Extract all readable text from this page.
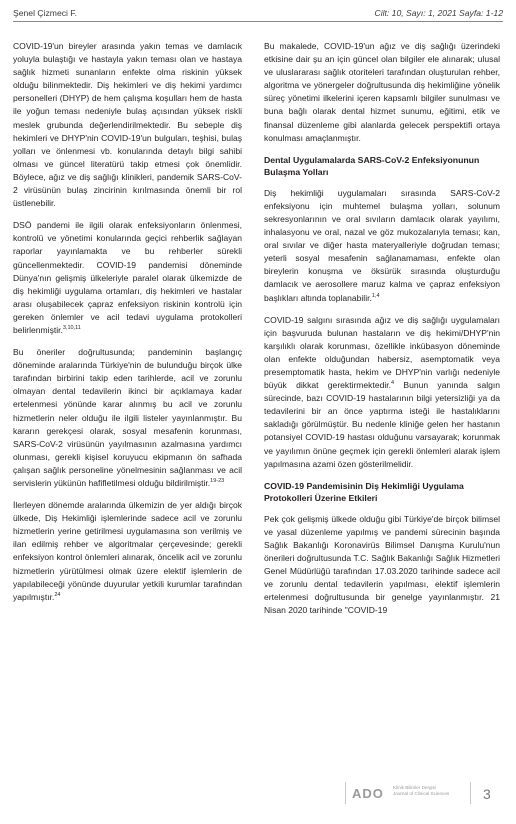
Şenel Çizmeci F.	Cilt: 10, Sayı: 1, 2021 Sayfa: 1-12

COVID-19'un bireyler arasında yakın temas ve damlacık yoluyla bulaştığı ve hastayla yakın teması olan ve hastaya sağlık hizmeti sunanların enfekte olma riskinin yüksek olduğu bilinmektedir. Diş hekimleri ve diş hekimi yardımcı personelleri (DHYP) de hem çalışma koşulları hem de hasta ile yoğun teması nedeniyle bulaş açısından yüksek riskli meslek grubunda değerlendirilmektedir. Bu sebeple diş hekimleri ve DHYP'nin COVID-19'un bulguları, teşhisi, bulaş yolları ve önlenmesi vb. konularında detaylı bilgi sahibi olması ve güncel literatürü takip etmesi çok önemlidir. Böylece, ağız ve diş sağlığı klinikleri, pandemik SARS-CoV-2 virüsünün bulaş zincirinin kırılmasında önemli bir rol üstlenebilir.

DSÖ pandemi ile ilgili olarak enfeksiyonların önlenmesi, kontrolü ve yönetimi konularında geçici rehberlik sağlayan raporlar yayınlamakta ve bu rehberler sürekli güncellenmektedir. COVID-19 pandemisi döneminde Dünya'nın gelişmiş ülkeleriyle paralel olarak ülkemizde de diş hekimliği uygulama ortamları, diş hekimleri ve hastalar arası oluşabilecek çapraz enfeksiyon riskinin kontrolü için gereken önlemler ve acil tedavi uygulama protokolleri belirlenmiştir.$^{3,10,11}$

Bu öneriler doğrultusunda; pandeminin başlangıç döneminde aralarında Türkiye'nin de bulunduğu birçok ülke tarafından birbirini takip eden tarihlerde, acil ve zorunlu olmayan dental tedavilerin ikinci bir açıklamaya kadar ertelenmesi yönünde karar alınmış bu acil ve zorunlu hizmetlerin neler olduğu ile ilgili listeler yayınlanmıştır. Bu kararın gerekçesi olarak, sosyal mesafenin korunması, SARS-CoV-2 virüsünün yayılmasının azalmasına yardımcı olunması, gerekli kişisel koruyucu ekipmanın ön safhada çalışan sağlık personeline yönelmesinin sağlanması ve acil servislerin yükünün hafifletilmesi olduğu bildirilmiştir.$^{19-23}$

İlerleyen dönemde aralarında ülkemizin de yer aldığı birçok ülkede, Diş Hekimliği işlemlerinde sadece acil ve zorunlu hizmetlerin yerine getirilmesi uygulamasına son verilmiş ve ilan edilmiş rehber ve algoritmalar çerçevesinde; gerekli enfeksiyon kontrol önlemleri alınarak, öncelik acil ve zorunlu hizmetlerin yürütülmesi olmak üzere elektif işlemlerin de yapılabileceği yönünde duyurular yetkili kurumlar tarafından yapılmıştır.$^{24}$

Bu makalede, COVID-19'un ağız ve diş sağlığı üzerindeki etkisine dair şu an için güncel olan bilgiler ele alınarak; ulusal ve uluslararası sağlık otoriteleri tarafından oluşturulan rehber, algoritma ve yönergeler doğrultusunda diş hekimliğine yönelik süreç yönetimi ilkelerini içeren kapsamlı bilgiler sunulması ve buna bağlı olarak dental hizmet sunumu, eğitimi, etik ve finansal düzenleme gibi alanlarda gelecek perspektifi ortaya konulması amaçlanmıştır.

Dental Uygulamalarda SARS-CoV-2 Enfeksiyonunun Bulaşma Yolları

Diş hekimliği uygulamaları sırasında SARS-CoV-2 enfeksiyonu için muhtemel bulaşma yolları, solunum sekresyonlarının ve oral sıvıların damlacık olarak yayılımı, inhalasyonu ve oral, nazal ve göz mukozalarıyla teması; kan, oral sıvılar ve diğer hasta materyalleriyle doğrudan teması; yeterli sosyal mesafenin sağlanamaması, enfekte olan bireylerin konuşma ve öksürük sırasında oluşturduğu damlacık ve aerosollere maruz kalma ve çapraz enfeksiyon başlıkları altında toplanabilir.$^{1,4}$

COVID-19 salgını sırasında ağız ve diş sağlığı uygulamaları için başvuruda bulunan hastaların ve diş hekimi/DHYP'nin karşılıklı olarak korunması, özellikle inkübasyon döneminde olan enfekte olduğundan habersiz, asemptomatik veya presemptomatik hasta, hekim ve DHYP'nin varlığı nedeniyle büyük dikkat gerektirmektedir.$^4$ Bunun yanında salgın sürecinde, bazı COVID-19 hastalarının bilgi yetersizliği ya da tedavilerini bir an önce yaptırma isteği ile hastalıklarını sakladığı görülmüştür. Bu nedenle kliniğe gelen her hastanın potansiyel COVID-19 hastası olduğunu varsayarak; korunmak ve yayılımın önüne geçmek için gerekli önlemleri alarak işlem yapılmasına azami özen gösterilmelidir.

COVID-19 Pandemisinin Diş Hekimliği Uygulama Protokolleri Üzerine Etkileri

Pek çok gelişmiş ülkede olduğu gibi Türkiye'de birçok bilimsel ve yasal düzenleme yapılmış ve pandemi sürecinin başında Sağlık Bakanlığı Koronavirüs Bilimsel Danışma Kurulu'nun önerileri doğrultusunda T.C. Sağlık Bakanlığı Sağlık Hizmetleri Genel Müdürlüğü tarafından 17.03.2020 tarihinde sadece acil ve zorunlu dental tedavilerin yapılması, elektif işlemlerin ertelenmesi doğrultusunda bir genelge yayınlanmıştır. 21 Nisan 2020 tarihinde "COVID-19

ADO Klinik Bilimler Dergisi
Journal of Clinical Sciences	3
